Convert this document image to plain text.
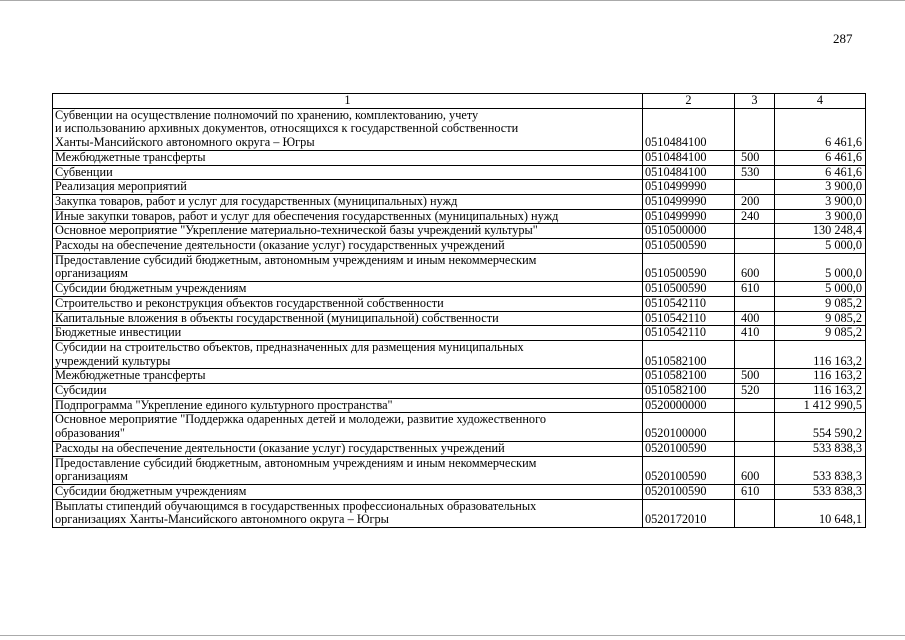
287
1	2	3	4
Субвенции на осуществление полномочий по хранению, комплектованию, учету
и использованию архивных документов, относящихся к государственной собственности
Ханты-Мансийского автономного округа – Югры	0510484100		6 461,6
Межбюджетные трансферты	0510484100	500	6 461,6
Субвенции	0510484100	530	6 461,6
Реализация мероприятий	0510499990		3 900,0
Закупка товаров, работ и услуг для государственных (муниципальных) нужд	0510499990	200	3 900,0
Иные закупки товаров, работ и услуг для обеспечения государственных (муниципальных) нужд	0510499990	240	3 900,0
Основное мероприятие "Укрепление материально-технической базы учреждений культуры"	0510500000		130 248,4
Расходы на обеспечение деятельности (оказание услуг) государственных учреждений	0510500590		5 000,0
Предоставление субсидий бюджетным, автономным учреждениям и иным некоммерческим
организациям	0510500590	600	5 000,0
Субсидии бюджетным учреждениям	0510500590	610	5 000,0
Строительство и реконструкция объектов государственной собственности	0510542110		9 085,2
Капитальные вложения в объекты государственной (муниципальной) собственности	0510542110	400	9 085,2
Бюджетные инвестиции	0510542110	410	9 085,2
Субсидии на строительство объектов, предназначенных для размещения муниципальных
учреждений культуры	0510582100		116 163,2
Межбюджетные трансферты	0510582100	500	116 163,2
Субсидии	0510582100	520	116 163,2
Подпрограмма "Укрепление единого культурного пространства"	0520000000		1 412 990,5
Основное мероприятие "Поддержка одаренных детей и молодежи, развитие художественного
образования"	0520100000		554 590,2
Расходы на обеспечение деятельности (оказание услуг) государственных учреждений	0520100590		533 838,3
Предоставление субсидий бюджетным, автономным учреждениям и иным некоммерческим
организациям	0520100590	600	533 838,3
Субсидии бюджетным учреждениям	0520100590	610	533 838,3
Выплаты стипендий обучающимся в государственных профессиональных образовательных
организациях Ханты-Мансийского автономного округа – Югры	0520172010		10 648,1
